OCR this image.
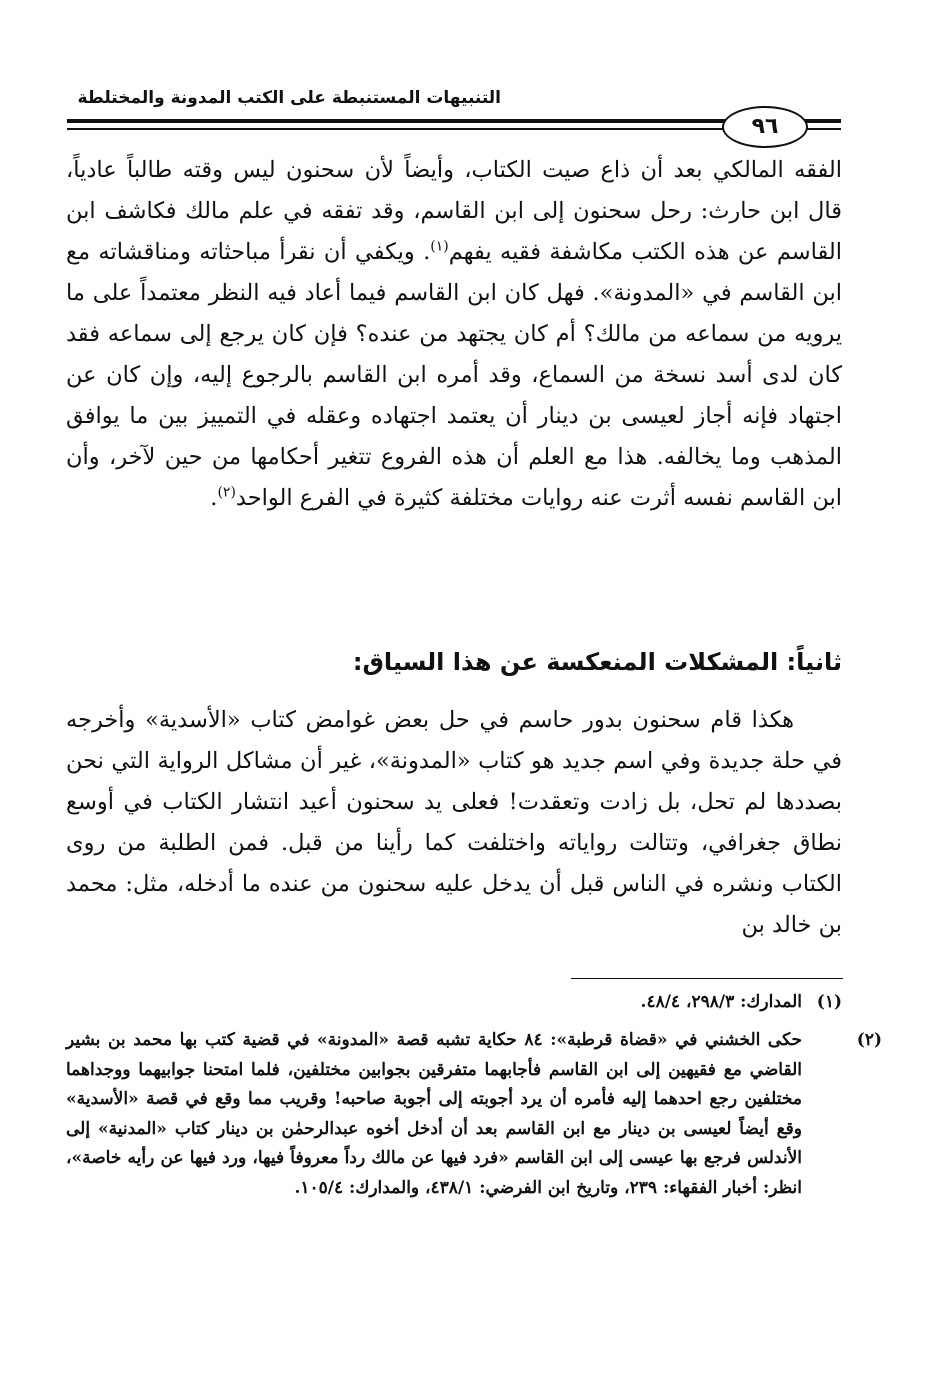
التنبيهات المستنبطة على الكتب المدونة والمختلطة
٩٦

الفقه المالكي بعد أن ذاع صيت الكتاب، وأيضاً لأن سحنون ليس وقته طالباً عادياً، قال ابن حارث: رحل سحنون إلى ابن القاسم، وقد تفقه في علم مالك فكاشف ابن القاسم عن هذه الكتب مكاشفة فقيه يفهم$^{(١)}$. ويكفي أن نقرأ مباحثاته ومناقشاته مع ابن القاسم في «المدونة». فهل كان ابن القاسم فيما أعاد فيه النظر معتمداً على ما يرويه من سماعه من مالك؟ أم كان يجتهد من عنده؟ فإن كان يرجع إلى سماعه فقد كان لدى أسد نسخة من السماع، وقد أمره ابن القاسم بالرجوع إليه، وإن كان عن اجتهاد فإنه أجاز لعيسى بن دينار أن يعتمد اجتهاده وعقله في التمييز بين ما يوافق المذهب وما يخالفه. هذا مع العلم أن هذه الفروع تتغير أحكامها من حين لآخر، وأن ابن القاسم نفسه أثرت عنه روايات مختلفة كثيرة في الفرع الواحد$^{(٢)}$.

ثانياً: المشكلات المنعكسة عن هذا السياق:

هكذا قام سحنون بدور حاسم في حل بعض غوامض كتاب «الأسدية» وأخرجه في حلة جديدة وفي اسم جديد هو كتاب «المدونة»، غير أن مشاكل الرواية التي نحن بصددها لم تحل، بل زادت وتعقدت! فعلى يد سحنون أعيد انتشار الكتاب في أوسع نطاق جغرافي، وتتالت رواياته واختلفت كما رأينا من قبل. فمن الطلبة من روى الكتاب ونشره في الناس قبل أن يدخل عليه سحنون من عنده ما أدخله، مثل: محمد بن خالد بن

(١)المدارك: ٢٩٨/٣، ٤٨/٤.

(٢)حكى الخشني في «قضاة قرطبة»: ٨٤ حكاية تشبه قصة «المدونة» في قضية كتب بها محمد بن بشير القاضي مع فقيهين إلى ابن القاسم فأجابهما متفرقين بجوابين مختلفين، فلما امتحنا جوابيهما ووجداهما مختلفين رجع احدهما إليه فأمره أن يرد أجوبته إلى أجوبة صاحبه! وقريب مما وقع في قصة «الأسدية» وقع أيضاً لعيسى بن دينار مع ابن القاسم بعد أن أدخل أخوه عبدالرحمٰن بن دينار كتاب «المدنية» إلى الأندلس فرجع بها عيسى إلى ابن القاسم «فرد فيها عن مالك رداً معروفاً فيها، ورد فيها عن رأيه خاصة»، انظر: أخبار الفقهاء: ٢٣٩، وتاريخ ابن الفرضي: ٤٣٨/١، والمدارك: ١٠٥/٤.
